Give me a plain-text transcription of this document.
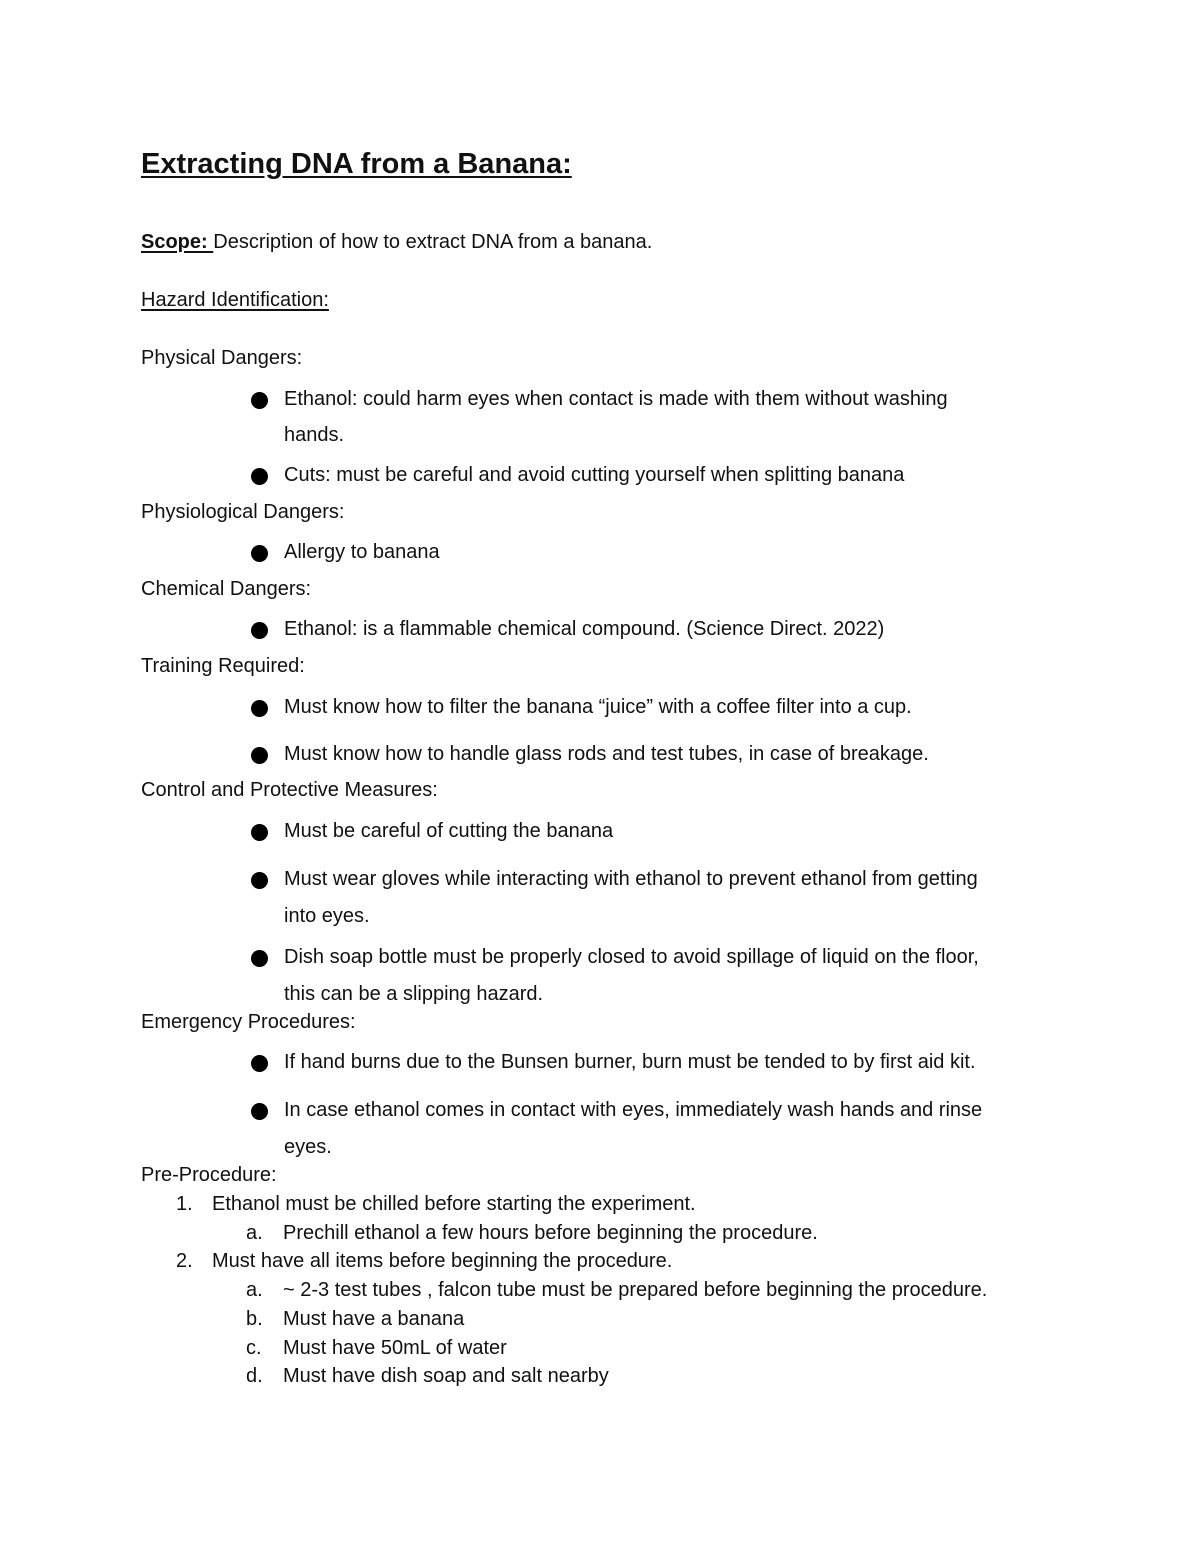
Extracting DNA from a Banana:
Scope: Description of how to extract DNA from a banana.
Hazard Identification:
Physical Dangers:
Ethanol: could harm eyes when contact is made with them without washing
hands.
Cuts: must be careful and avoid cutting yourself when splitting banana
Physiological Dangers:
Allergy to banana
Chemical Dangers:
Ethanol: is a flammable chemical compound. (Science Direct. 2022)
Training Required:
Must know how to filter the banana “juice” with a coffee filter into a cup.
Must know how to handle glass rods and test tubes, in case of breakage.
Control and Protective Measures:
Must be careful of cutting the banana
Must wear gloves while interacting with ethanol to prevent ethanol from getting
into eyes.
Dish soap bottle must be properly closed to avoid spillage of liquid on the floor,
this can be a slipping hazard.
Emergency Procedures:
If hand burns due to the Bunsen burner, burn must be tended to by first aid kit.
In case ethanol comes in contact with eyes, immediately wash hands and rinse
eyes.
Pre-Procedure:
1. Ethanol must be chilled before starting the experiment.
a. Prechill ethanol a few hours before beginning the procedure.
2. Must have all items before beginning the procedure.
a. ~ 2-3 test tubes , falcon tube must be prepared before beginning the procedure.
b. Must have a banana
c. Must have 50mL of water
d. Must have dish soap and salt nearby
